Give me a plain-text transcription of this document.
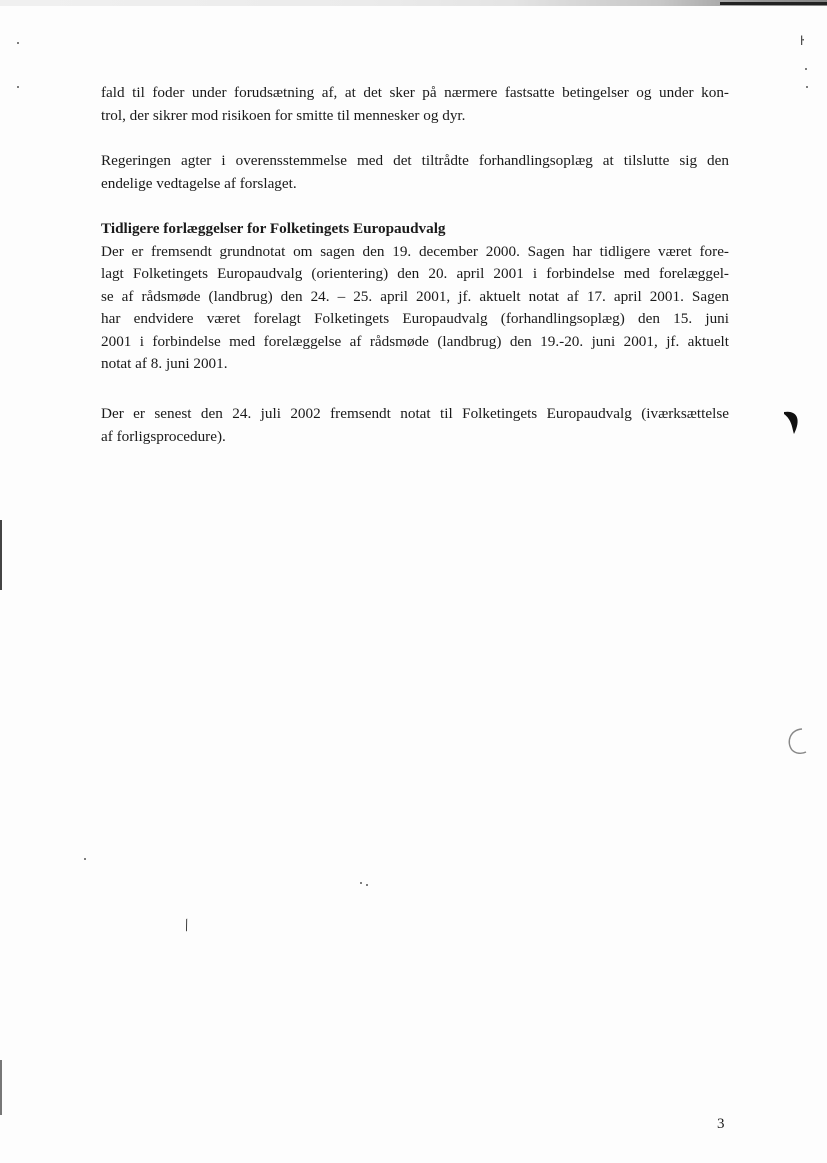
ŀ
⁄
fald til foder under forudsætning af, at det sker på nærmere fastsatte betingelser og under kon-
trol, der sikrer mod risikoen for smitte til mennesker og dyr.
Regeringen agter i overensstemmelse med det tiltrådte forhandlingsoplæg at tilslutte sig den
endelige vedtagelse af forslaget.
Tidligere forlæggelser for Folketingets Europaudvalg
Der er fremsendt grundnotat om sagen den 19. december 2000. Sagen har tidligere været fore-
lagt Folketingets Europaudvalg (orientering) den 20. april 2001 i forbindelse med forelæggel-
se af rådsmøde (landbrug) den 24. – 25. april 2001, jf. aktuelt notat af 17. april 2001. Sagen
har endvidere været forelagt Folketingets Europaudvalg (forhandlingsoplæg) den 15. juni
2001 i forbindelse med forelæggelse af rådsmøde (landbrug) den 19.-20. juni 2001, jf. aktuelt
notat af 8. juni 2001.
Der er senest den 24. juli 2002 fremsendt notat til Folketingets Europaudvalg (iværksættelse
af forligsprocedure).
3
